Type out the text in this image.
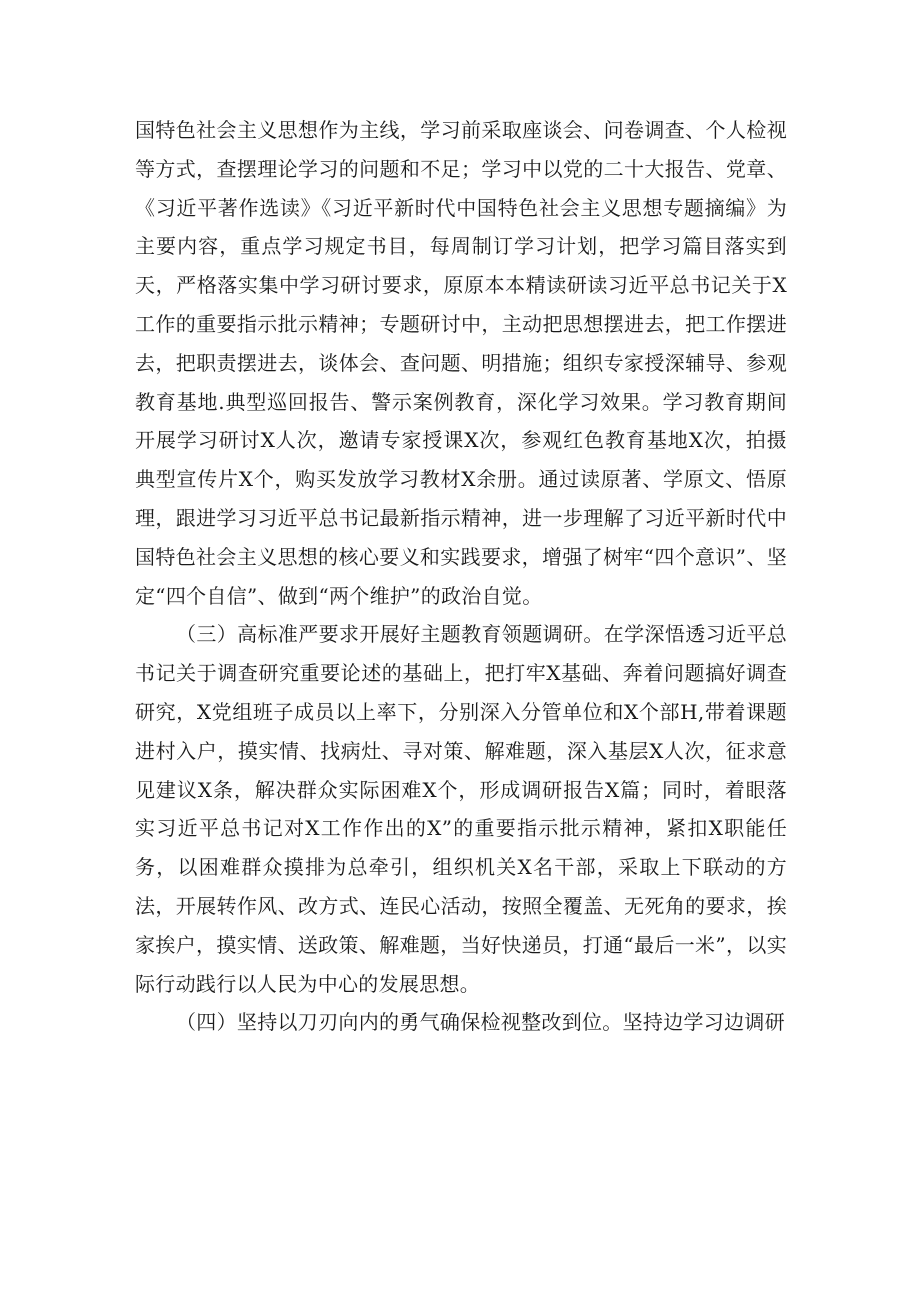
国特色社会主义思想作为主线，学习前采取座谈会、问卷调查、个人检视等方式，查摆理论学习的问题和不足；学习中以党的二十大报告、党章、《习近平著作选读》《习近平新时代中国特色社会主义思想专题摘编》为主要内容，重点学习规定书目，每周制订学习计划，把学习篇目落实到天，严格落实集中学习研讨要求，原原本本精读研读习近平总书记关于X工作的重要指示批示精神；专题研讨中，主动把思想摆进去，把工作摆进去，把职责摆进去，谈体会、查问题、明措施；组织专家授深辅导、参观教育基地.典型巡回报告、警示案例教育，深化学习效果。学习教育期间开展学习研讨X人次，邀请专家授课X次，参观红色教育基地X次，拍摄典型宣传片X个，购买发放学习教材X余册。通过读原著、学原文、悟原理，跟进学习习近平总书记最新指示精神，进一步理解了习近平新时代中国特色社会主义思想的核心要义和实践要求，增强了树牢“四个意识”、坚定“四个自信”、做到“两个维护”的政治自觉。

（三）高标准严要求开展好主题教育领题调研。在学深悟透习近平总书记关于调查研究重要论述的基础上，把打牢X基础、奔着问题搞好调查研究，X党组班子成员以上率下，分别深入分管单位和X个部H,带着课题进村入户，摸实情、找病灶、寻对策、解难题，深入基层X人次，征求意见建议X条，解决群众实际困难X个，形成调研报告X篇；同时，着眼落实习近平总书记对X工作作出的X”的重要指示批示精神，紧扣X职能任务，以困难群众摸排为总牵引，组织机关X名干部，采取上下联动的方法，开展转作风、改方式、连民心活动，按照全覆盖、无死角的要求，挨家挨户，摸实情、送政策、解难题，当好快递员，打通“最后一米”，以实际行动践行以人民为中心的发展思想。

（四）坚持以刀刃向内的勇气确保检视整改到位。坚持边学习边调研
